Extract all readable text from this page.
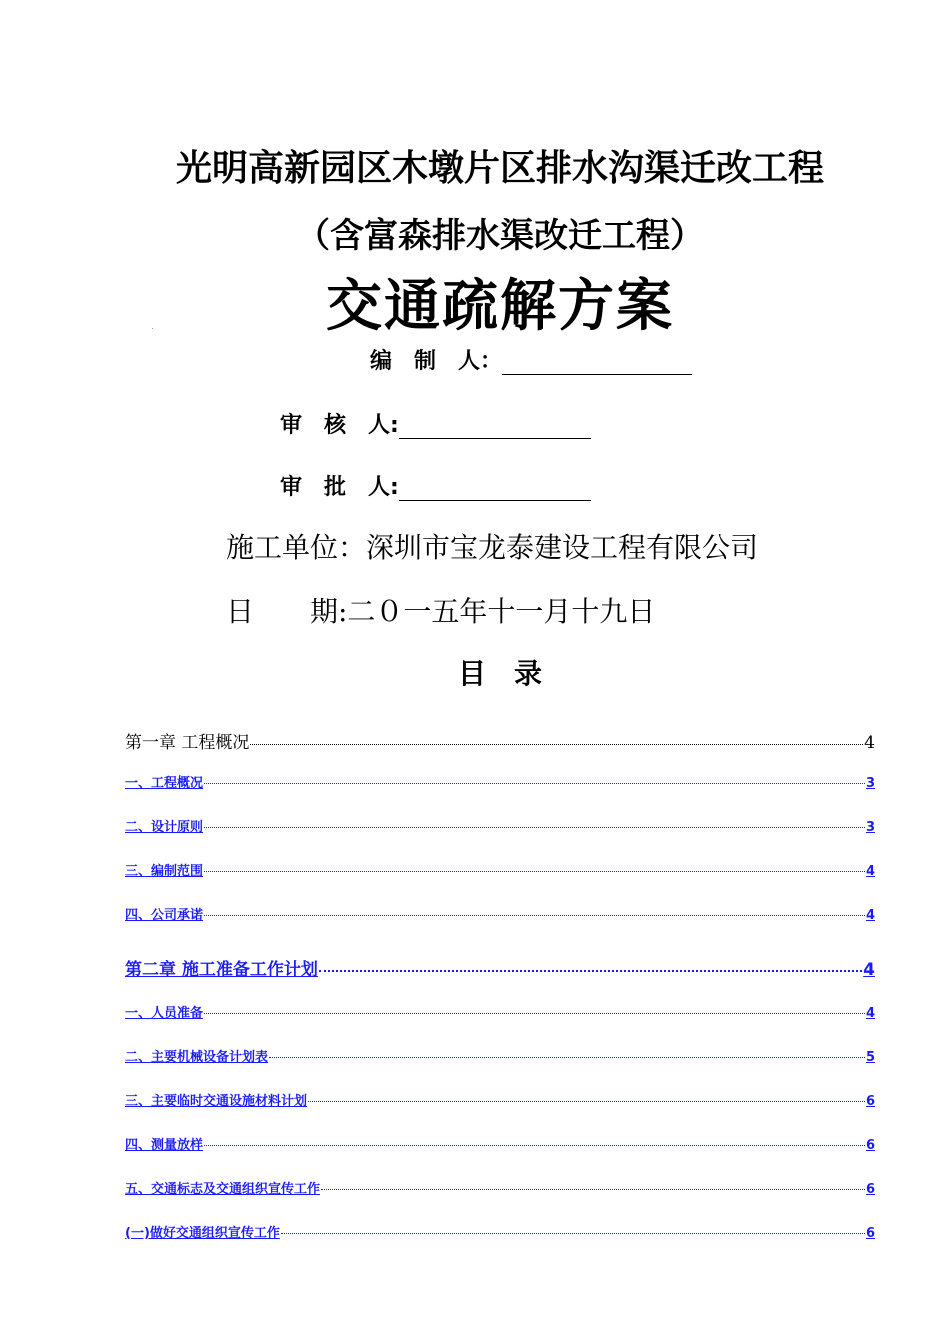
光明高新园区木墩片区排水沟渠迁改工程
（含富森排水渠改迁工程）
交通疏解方案
编　制　人：
审　核　人:
审　批　人:
施工单位：深圳市宝龙泰建设工程有限公司
日　　期:二０一五年十一月十九日
目　录
第一章 工程概况	4
一、工程概况	3
二、设计原则	3
三、编制范围	4
四、公司承诺	4
第二章 施工准备工作计划	4
一、人员准备	4
二、主要机械设备计划表	5
三、主要临时交通设施材料计划	6
四、测量放样	6
五、交通标志及交通组织宣传工作	6
(一)做好交通组织宣传工作	6
